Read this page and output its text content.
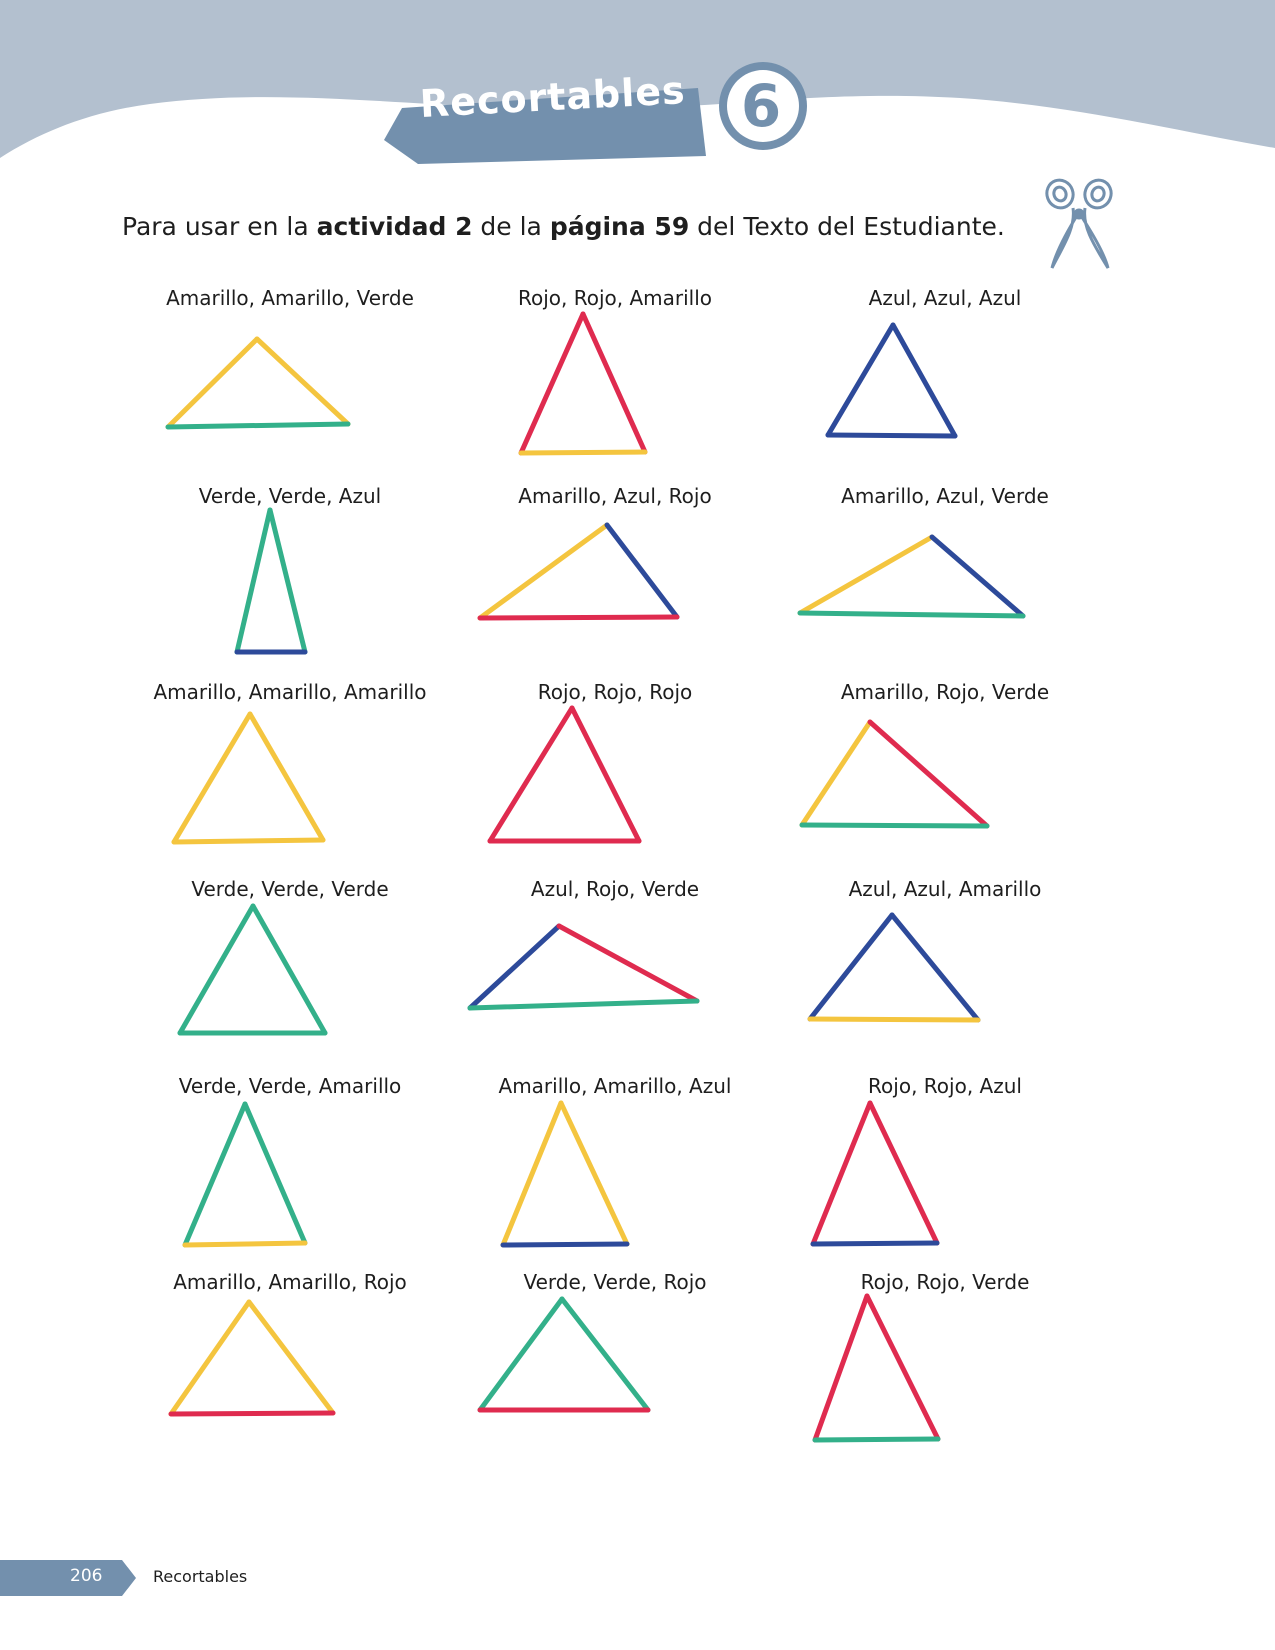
Recortables 6
Para usar en la actividad 2 de la página 59 del Texto del Estudiante.
Amarillo, Amarillo, Verde	Rojo, Rojo, Amarillo	Azul, Azul, Azul
Verde, Verde, Azul	Amarillo, Azul, Rojo	Amarillo, Azul, Verde
Amarillo, Amarillo, Amarillo	Rojo, Rojo, Rojo	Amarillo, Rojo, Verde
Verde, Verde, Verde	Azul, Rojo, Verde	Azul, Azul, Amarillo
Verde, Verde, Amarillo	Amarillo, Amarillo, Azul	Rojo, Rojo, Azul
Amarillo, Amarillo, Rojo	Verde, Verde, Rojo	Rojo, Rojo, Verde
206	Recortables
